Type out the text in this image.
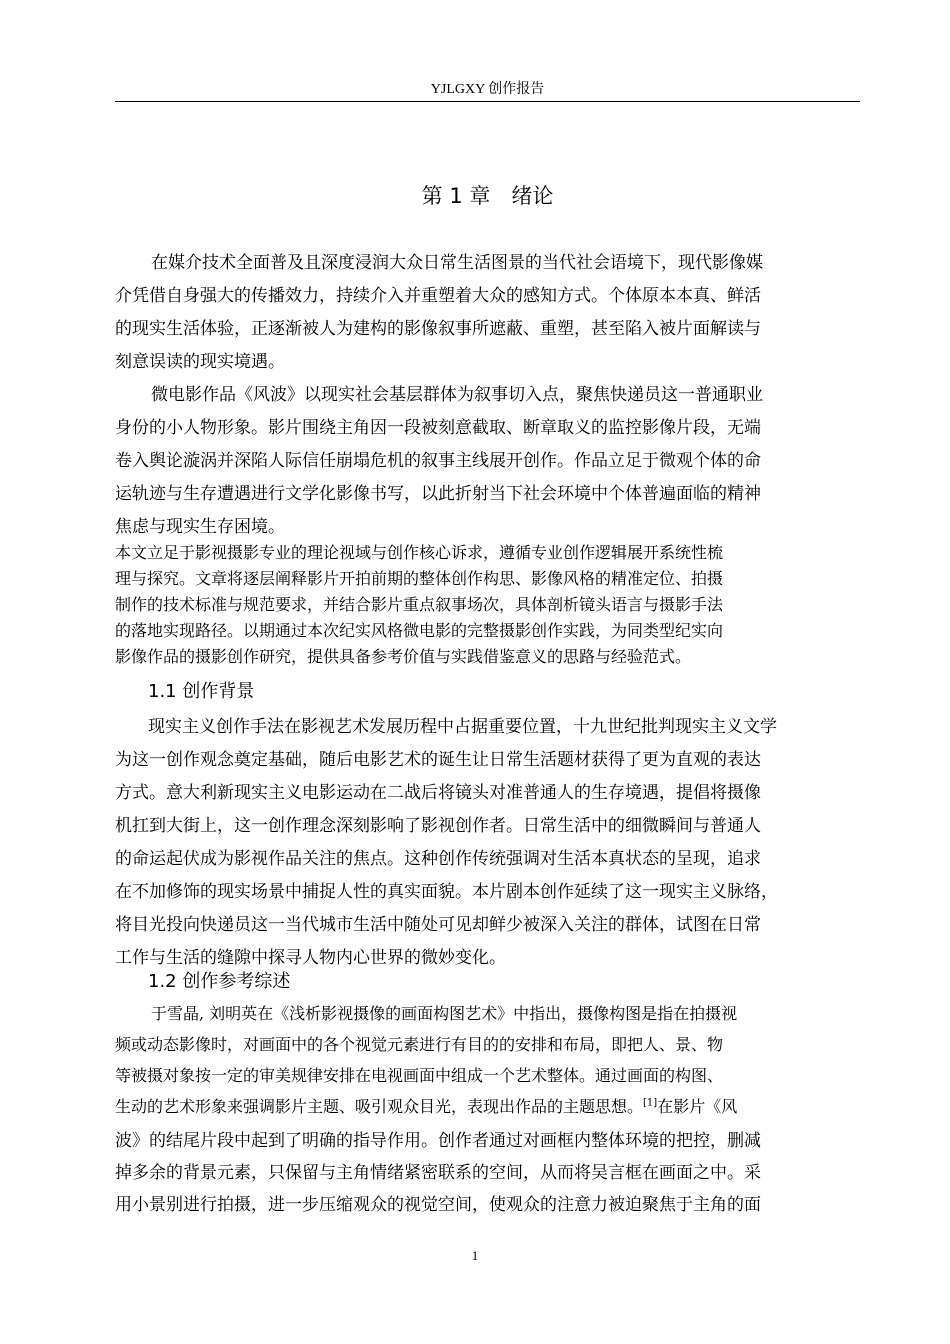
YJLGXY 创作报告
第 1 章　绪论
在媒介技术全面普及且深度浸润大众日常生活图景的当代社会语境下，现代影像媒
介凭借自身强大的传播效力，持续介入并重塑着大众的感知方式。个体原本本真、鲜活
的现实生活体验，正逐渐被人为建构的影像叙事所遮蔽、重塑，甚至陷入被片面解读与
刻意误读的现实境遇。
微电影作品《风波》以现实社会基层群体为叙事切入点，聚焦快递员这一普通职业
身份的小人物形象。影片围绕主角因一段被刻意截取、断章取义的监控影像片段，无端
卷入舆论漩涡并深陷人际信任崩塌危机的叙事主线展开创作。作品立足于微观个体的命
运轨迹与生存遭遇进行文学化影像书写，以此折射当下社会环境中个体普遍面临的精神
焦虑与现实生存困境。
本文立足于影视摄影专业的理论视域与创作核心诉求，遵循专业创作逻辑展开系统性梳
理与探究。文章将逐层阐释影片开拍前期的整体创作构思、影像风格的精准定位、拍摄
制作的技术标准与规范要求，并结合影片重点叙事场次，具体剖析镜头语言与摄影手法
的落地实现路径。以期通过本次纪实风格微电影的完整摄影创作实践，为同类型纪实向
影像作品的摄影创作研究，提供具备参考价值与实践借鉴意义的思路与经验范式。
1.1 创作背景
现实主义创作手法在影视艺术发展历程中占据重要位置，十九世纪批判现实主义文学
为这一创作观念奠定基础，随后电影艺术的诞生让日常生活题材获得了更为直观的表达
方式。意大利新现实主义电影运动在二战后将镜头对准普通人的生存境遇，提倡将摄像
机扛到大街上，这一创作理念深刻影响了影视创作者。日常生活中的细微瞬间与普通人
的命运起伏成为影视作品关注的焦点。这种创作传统强调对生活本真状态的呈现，追求
在不加修饰的现实场景中捕捉人性的真实面貌。本片剧本创作延续了这一现实主义脉络，
将目光投向快递员这一当代城市生活中随处可见却鲜少被深入关注的群体，试图在日常
工作与生活的缝隙中探寻人物内心世界的微妙变化。
1.2 创作参考综述
于雪晶, 刘明英在《浅析影视摄像的画面构图艺术》中指出，摄像构图是指在拍摄视
频或动态影像时，对画面中的各个视觉元素进行有目的的安排和布局，即把人、景、物
等被摄对象按一定的审美规律安排在电视画面中组成一个艺术整体。通过画面的构图、
生动的艺术形象来强调影片主题、吸引观众目光，表现出作品的主题思想。[1]在影片《风
波》的结尾片段中起到了明确的指导作用。创作者通过对画框内整体环境的把控，删减
掉多余的背景元素，只保留与主角情绪紧密联系的空间，从而将吴言框在画面之中。采
用小景别进行拍摄，进一步压缩观众的视觉空间，使观众的注意力被迫聚焦于主角的面
1
